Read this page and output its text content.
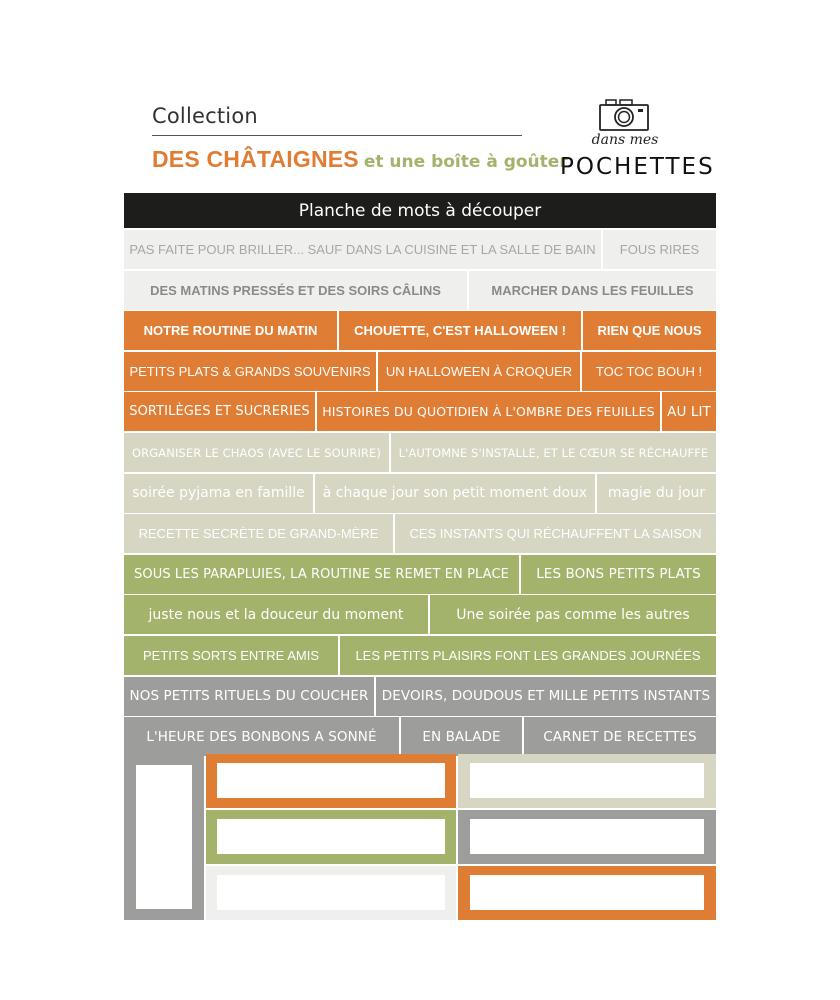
Collection
DES CHÂTAIGNES et une boîte à goûter
dans mes
POCHETTES
Planche de mots à découper
PAS FAITE POUR BRILLER... SAUF DANS LA CUISINE ET LA SALLE DE BAIN FOUS RIRES
DES MATINS PRESSÉS ET DES SOIRS CÂLINS	MARCHER DANS LES FEUILLES
NOTRE ROUTINE DU MATIN	CHOUETTE, C'EST HALLOWEEN ! RIEN QUE NOUS
PETITS PLATS & GRANDS SOUVENIRS UN HALLOWEEN À CROQUER TOC TOC BOUH !
SORTILÈGES ET SUCRERIES HISTOIRES DU QUOTIDIEN À L'OMBRE DES FEUILLES AU LIT
ORGANISER LE CHAOS (AVEC LE SOURIRE) L'AUTOMNE S'INSTALLE, ET LE CŒUR SE RÉCHAUFFE
soirée pyjama en famille à chaque jour son petit moment doux magie du jour
RECETTE SECRÈTE DE GRAND-MÈRE CES INSTANTS QUI RÉCHAUFFENT LA SAISON
SOUS LES PARAPLUIES, LA ROUTINE SE REMET EN PLACE LES BONS PETITS PLATS
juste nous et la douceur du moment	Une soirée pas comme les autres
PETITS SORTS ENTRE AMIS	LES PETITS PLAISIRS FONT LES GRANDES JOURNÉES
NOS PETITS RITUELS DU COUCHER DEVOIRS, DOUDOUS ET MILLE PETITS INSTANTS
L'HEURE DES BONBONS A SONNÉ	EN BALADE	CARNET DE RECETTES
